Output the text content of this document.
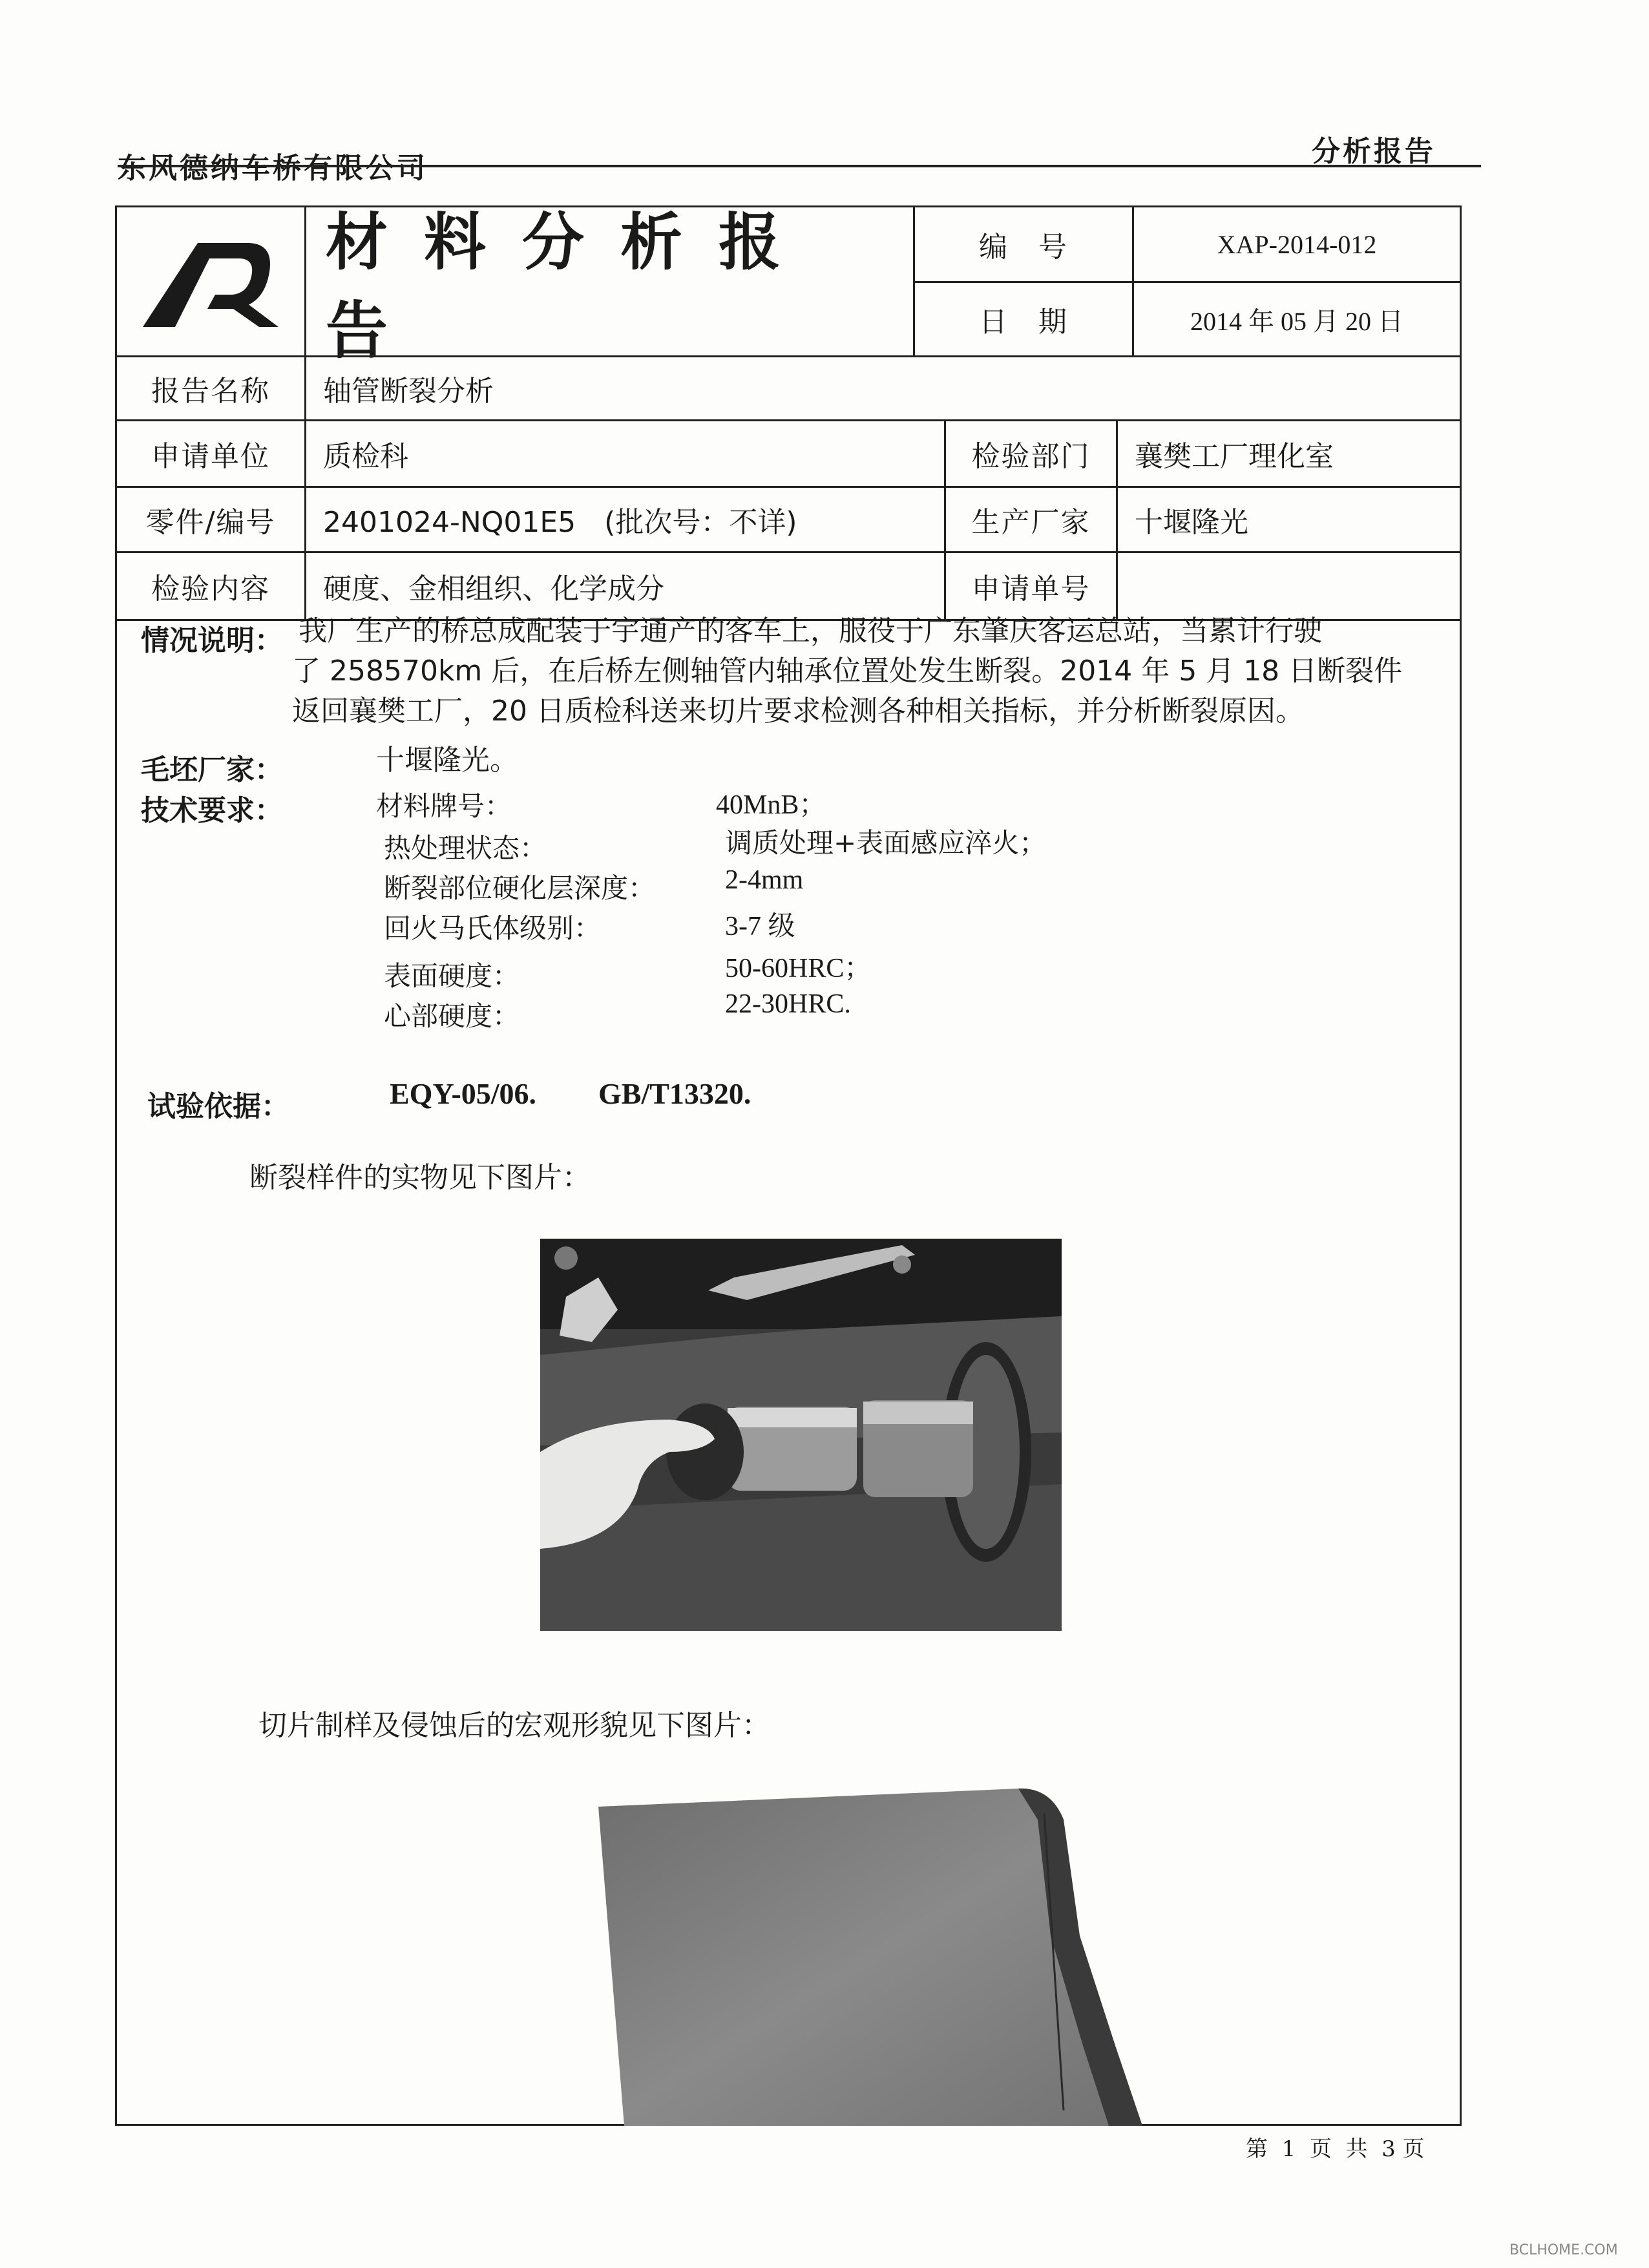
东风德纳车桥有限公司
分析报告
材料分析报告
编　号	XAP-2014-012
日　期	2014 年 05 月 20 日
报告名称	轴管断裂分析
申请单位	质检科	检验部门	襄樊工厂理化室
零件/编号	2401024-NQ01E5　(批次号：不详)	生产厂家	十堰隆光
检验内容	硬度、金相组织、化学成分	申请单号
情况说明： 我厂生产的桥总成配装于宇通产的客车上，服役于广东肇庆客运总站，当累计行驶
了 258570km 后，在后桥左侧轴管内轴承位置处发生断裂。2014 年 5 月 18 日断裂件
返回襄樊工厂，20 日质检科送来切片要求检测各种相关指标，并分析断裂原因。
毛坯厂家：	十堰隆光。
技术要求：	材料牌号：	40MnB；
热处理状态：	调质处理+表面感应淬火；
断裂部位硬化层深度：	2-4mm
回火马氏体级别：	3-7 级
表面硬度：	50-60HRC；
心部硬度：	22-30HRC.
试验依据：	EQY-05/06. GB/T13320.
断裂样件的实物见下图片：
切片制样及侵蚀后的宏观形貌见下图片：
第  1  页  共  3 页
BCLHOME.COM
